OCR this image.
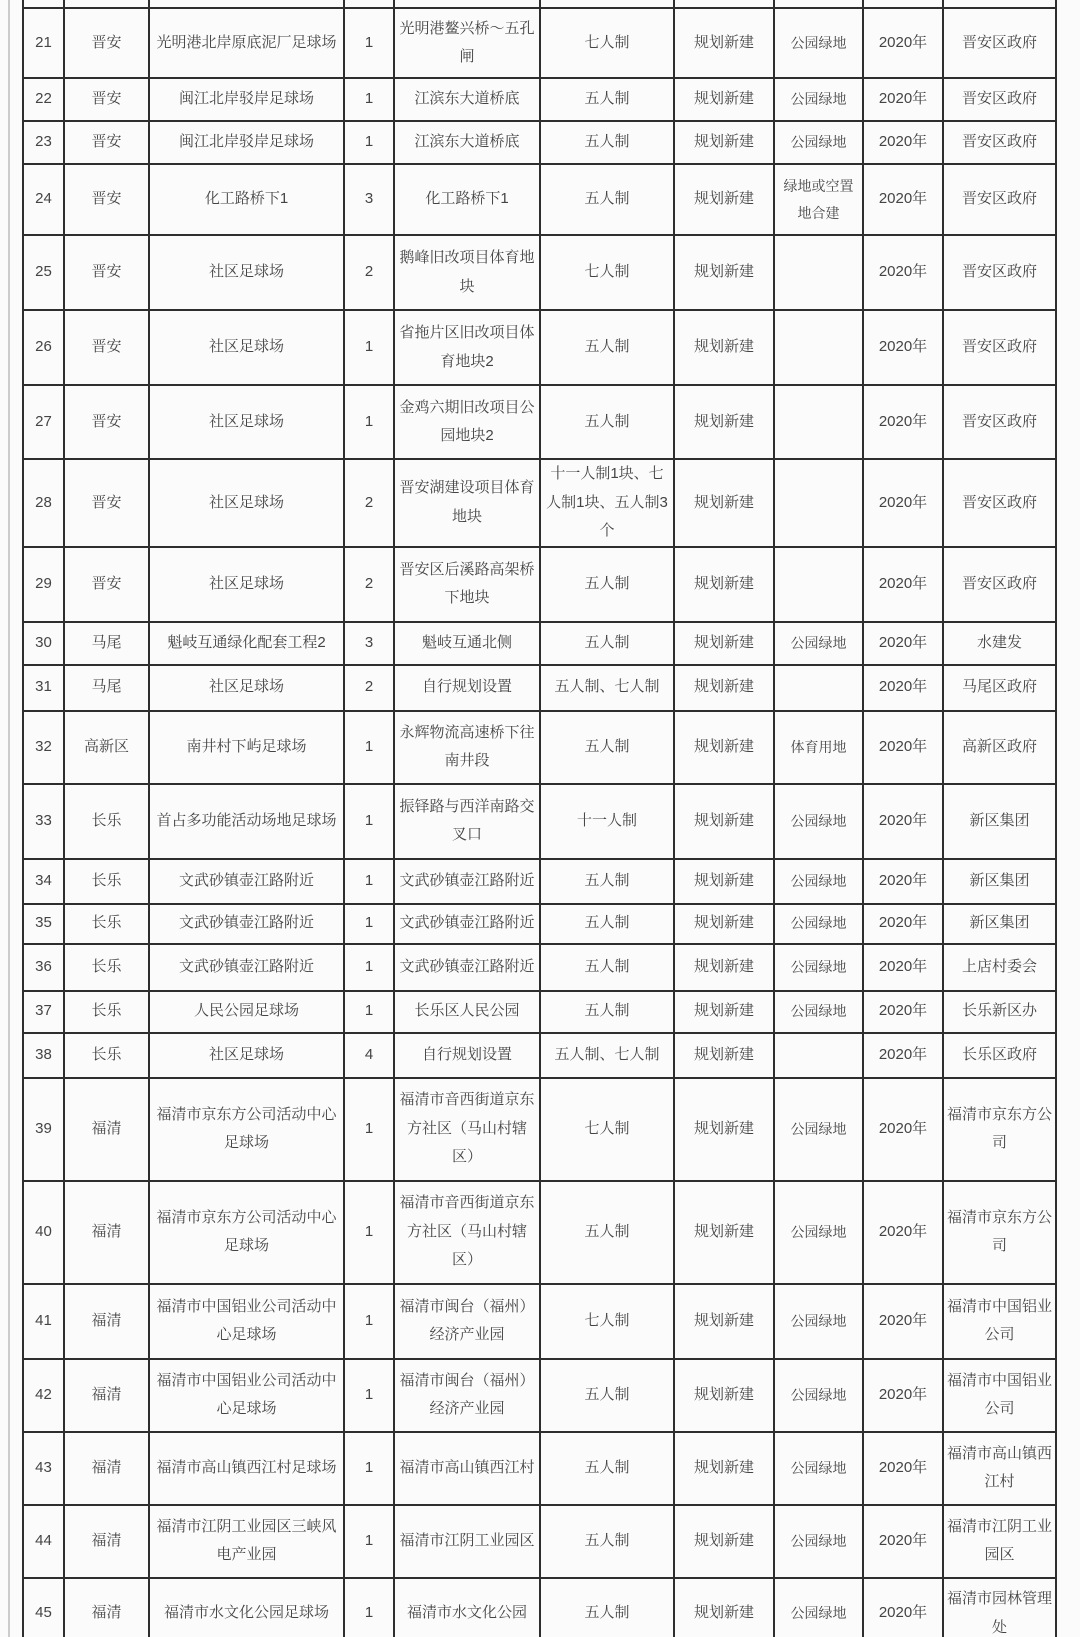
21	晋安	光明港北岸原底泥厂足球场	1	光明港鳌兴桥～五孔闸	七人制	规划新建	公园绿地	2020年	晋安区政府
22	晋安	闽江北岸驳岸足球场	1	江滨东大道桥底	五人制	规划新建	公园绿地	2020年	晋安区政府
23	晋安	闽江北岸驳岸足球场	1	江滨东大道桥底	五人制	规划新建	公园绿地	2020年	晋安区政府
24	晋安	化工路桥下1	3	化工路桥下1	五人制	规划新建	绿地或空置地合建	2020年	晋安区政府
25	晋安	社区足球场	2	鹅峰旧改项目体育地块	七人制	规划新建		2020年	晋安区政府
26	晋安	社区足球场	1	省拖片区旧改项目体育地块2	五人制	规划新建		2020年	晋安区政府
27	晋安	社区足球场	1	金鸡六期旧改项目公园地块2	五人制	规划新建		2020年	晋安区政府
28	晋安	社区足球场	2	晋安湖建设项目体育地块	十一人制1块、七人制1块、五人制3个	规划新建		2020年	晋安区政府
29	晋安	社区足球场	2	晋安区后溪路高架桥下地块	五人制	规划新建		2020年	晋安区政府
30	马尾	魁岐互通绿化配套工程2	3	魁岐互通北侧	五人制	规划新建	公园绿地	2020年	水建发
31	马尾	社区足球场	2	自行规划设置	五人制、七人制	规划新建		2020年	马尾区政府
32	高新区	南井村下屿足球场	1	永辉物流高速桥下往南井段	五人制	规划新建	体育用地	2020年	高新区政府
33	长乐	首占多功能活动场地足球场	1	振铎路与西洋南路交叉口	十一人制	规划新建	公园绿地	2020年	新区集团
34	长乐	文武砂镇壶江路附近	1	文武砂镇壶江路附近	五人制	规划新建	公园绿地	2020年	新区集团
35	长乐	文武砂镇壶江路附近	1	文武砂镇壶江路附近	五人制	规划新建	公园绿地	2020年	新区集团
36	长乐	文武砂镇壶江路附近	1	文武砂镇壶江路附近	五人制	规划新建	公园绿地	2020年	上店村委会
37	长乐	人民公园足球场	1	长乐区人民公园	五人制	规划新建	公园绿地	2020年	长乐新区办
38	长乐	社区足球场	4	自行规划设置	五人制、七人制	规划新建		2020年	长乐区政府
39	福清	福清市京东方公司活动中心足球场	1	福清市音西街道京东方社区（马山村辖区）	七人制	规划新建	公园绿地	2020年	福清市京东方公司
40	福清	福清市京东方公司活动中心足球场	1	福清市音西街道京东方社区（马山村辖区）	五人制	规划新建	公园绿地	2020年	福清市京东方公司
41	福清	福清市中国铝业公司活动中心足球场	1	福清市闽台（福州）经济产业园	七人制	规划新建	公园绿地	2020年	福清市中国铝业公司
42	福清	福清市中国铝业公司活动中心足球场	1	福清市闽台（福州）经济产业园	五人制	规划新建	公园绿地	2020年	福清市中国铝业公司
43	福清	福清市高山镇西江村足球场	1	福清市高山镇西江村	五人制	规划新建	公园绿地	2020年	福清市高山镇西江村
44	福清	福清市江阴工业园区三峡风电产业园	1	福清市江阴工业园区	五人制	规划新建	公园绿地	2020年	福清市江阴工业园区
45	福清	福清市水文化公园足球场	1	福清市水文化公园	五人制	规划新建	公园绿地	2020年	福清市园林管理处
